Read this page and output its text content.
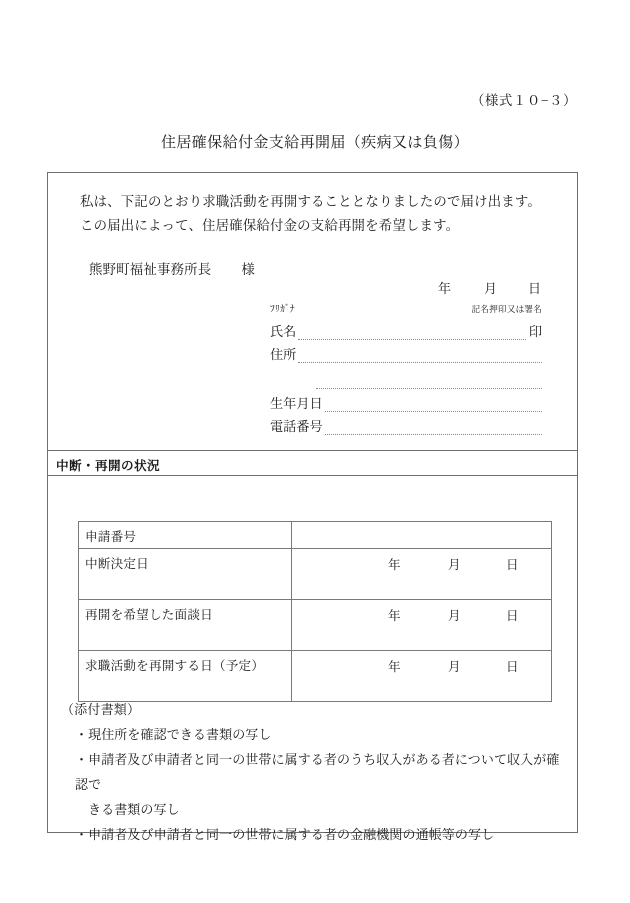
（様式１０−３）
住居確保給付金支給再開届（疾病又は負傷）
私は、下記のとおり求職活動を再開することとなりましたので届け出ます。
この届出によって、住居確保給付金の支給再開を希望します。
熊野町福祉事務所長 様
年	月 日
ﾌﾘｶﾞﾅ	記名押印又は署名
氏名	印
住所
生年月日
電話番号
中断・再開の状況
申請番号	
中断決定日	年 月 日

再開を希望した面談日	年 月 日

求職活動を再開する日（予定）	年 月 日
（添付書類）
・現住所を確認できる書類の写し
・申請者及び申請者と同一の世帯に属する者のうち収入がある者について収入が確認で
きる書類の写し
・申請者及び申請者と同一の世帯に属する者の金融機関の通帳等の写し
